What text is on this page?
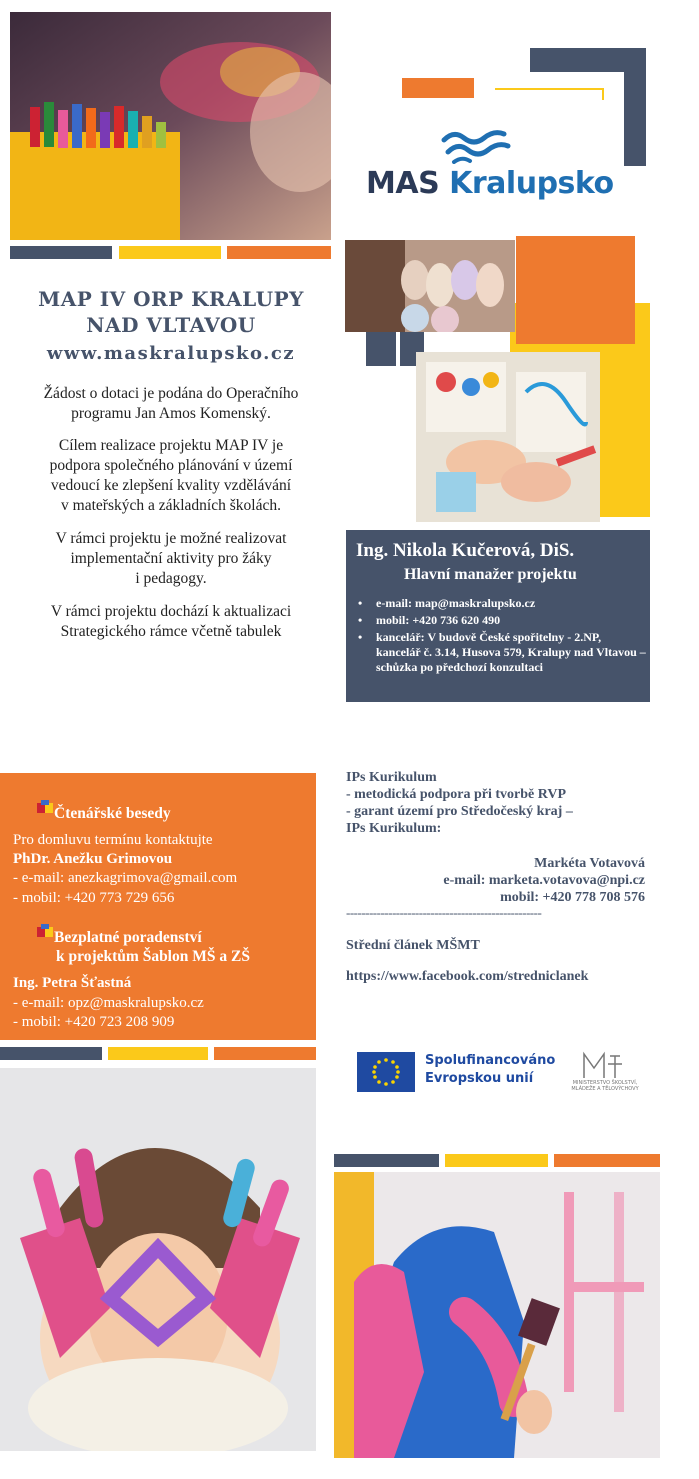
MAS Kralupsko
MAP IV ORP KRALUPY
NAD VLTAVOU
www.maskralupsko.cz
Žádost o dotaci je podána do Operačního
programu Jan Amos Komenský.
Cílem realizace projektu MAP IV je
podpora společného plánování v území
vedoucí ke zlepšení kvality vzdělávání
v mateřských a základních školách.
V rámci projektu je možné realizovat
implementační aktivity pro žáky
i pedagogy.
V rámci projektu dochází k aktualizaci
Strategického rámce včetně tabulek
Ing. Nikola Kučerová, DiS.
Hlavní manažer projektu
• e-mail: map@maskralupsko.cz
• mobil: +420 736 620 490
• kancelář: V budově České spořitelny - 2.NP, kancelář č. 3.14, Husova 579, Kralupy nad Vltavou – schůzka po předchozí konzultaci
Čtenářské besedy
Pro domluvu termínu kontaktujte
PhDr. Anežku Grimovou
- e-mail: anezkagrimova@gmail.com
- mobil: +420 773 729 656
Bezplatné poradenství
k projektům Šablon MŠ a ZŠ
Ing. Petra Šťastná
- e-mail: opz@maskralupsko.cz
- mobil: +420 723 208 909
IPs Kurikulum
- metodická podpora při tvorbě RVP
- garant území pro Středočeský kraj –
IPs Kurikulum:
Markéta Votavová
e-mail: marketa.votavova@npi.cz
mobil: +420 778 708 576
---------------------------------------------------
Střední článek MŠMT
https://www.facebook.com/stredniclanek
Spolufinancováno
Evropskou unií	MINISTERSTVO ŠKOLSTVÍ, MLÁDEŽE A TĚLOVÝCHOVY
